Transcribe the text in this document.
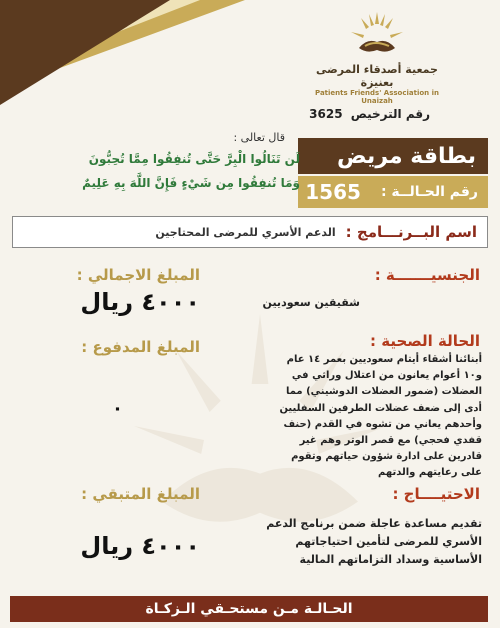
جمعية أصدقاء المرضى بعنيزة
Patients Friends' Association in Unaizah
رقم الترخيص 3625
بطاقة مريض
رقم الحـالــة :
1565
قال تعالى :
لَن تَنَالُوا الْبِرَّ حَتَّى تُنفِقُوا مِمَّا تُحِبُّونَ
وَمَا تُنفِقُوا مِن شَيْءٍ فَإِنَّ اللَّهَ بِهِ عَلِيمٌ
اسم البــرنـــامج :
الدعم الأسري للمرضى المحتاجين
الجنسيـــــــة :
شقيقين سعوديين
الحالة الصحية :
أبنائنا أشقاء أيتام سعوديين بعمر ١٤ عام و١٠ أعوام يعانون من اعتلال وراثي في العضلات (ضمور العضلات الدوشيني) مما أدى إلى ضعف عضلات الطرفين السفليين وأحدهم يعاني من تشوه في القدم (حنف قفدي فحجي) مع قصر الوتر وهم غير قادرين على ادارة شؤون حياتهم وتقوم على رعايتهم والدتهم
الاحتيــــاج :
تقديم مساعدة عاجلة ضمن برنامج الدعم الأسري للمرضى لتأمين احتياجاتهم الأساسية وسداد التزاماتهم المالية
المبلغ الاجمالي :
٤٠٠٠ ريال
المبلغ المدفوع :
٠
المبلغ المتبقي :
٤٠٠٠ ريال
الحـالـة مـن مستحـقي الـزكـاة
